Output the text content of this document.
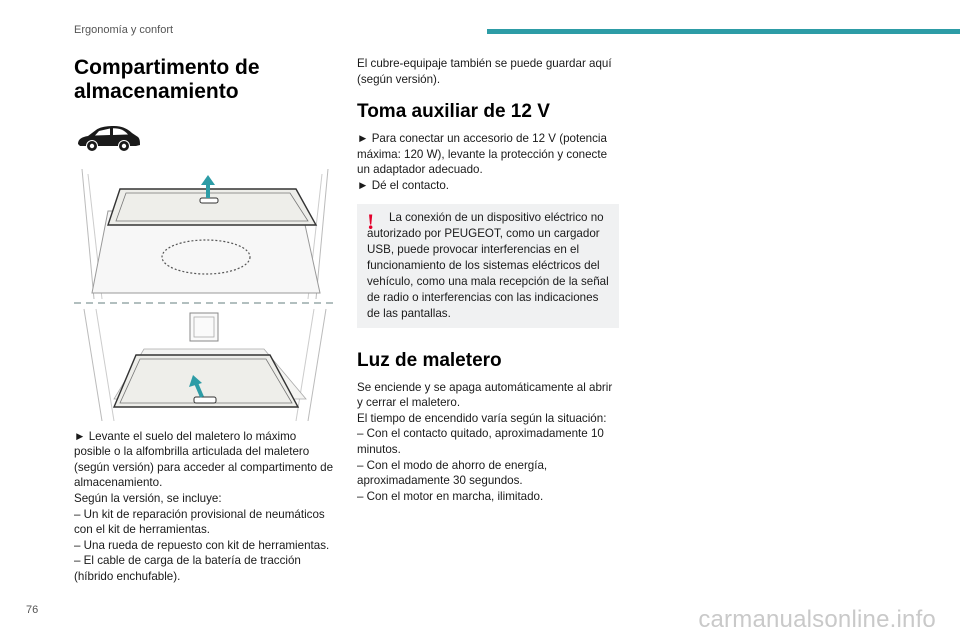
Ergonomía y confort
Compartimento de almacenamiento

► Levante el suelo del maletero lo máximo posible o la alfombrilla articulada del maletero (según versión) para acceder al compartimento de almacenamiento.

Según la versión, se incluye:

– Un kit de reparación provisional de neumáticos con el kit de herramientas.

– Una rueda de repuesto con kit de herramientas.

– El cable de carga de la batería de tracción (híbrido enchufable).

El cubre-equipaje también se puede guardar aquí (según versión).

Toma auxiliar de 12 V

► Para conectar un accesorio de 12 V (potencia máxima: 120 W), levante la protección y conecte un adaptador adecuado.

► Dé el contacto.

!	La conexión de un dispositivo eléctrico no autorizado por PEUGEOT, como un cargador USB, puede provocar interferencias en el funcionamiento de los sistemas eléctricos del vehículo, como una mala recepción de la señal de radio o interferencias con las indicaciones de las pantallas.

Luz de maletero

Se enciende y se apaga automáticamente al abrir y cerrar el maletero.

El tiempo de encendido varía según la situación:

– Con el contacto quitado, aproximadamente 10 minutos.

– Con el modo de ahorro de energía, aproximadamente 30 segundos.

– Con el motor en marcha, ilimitado.

76	carmanualsonline.info
